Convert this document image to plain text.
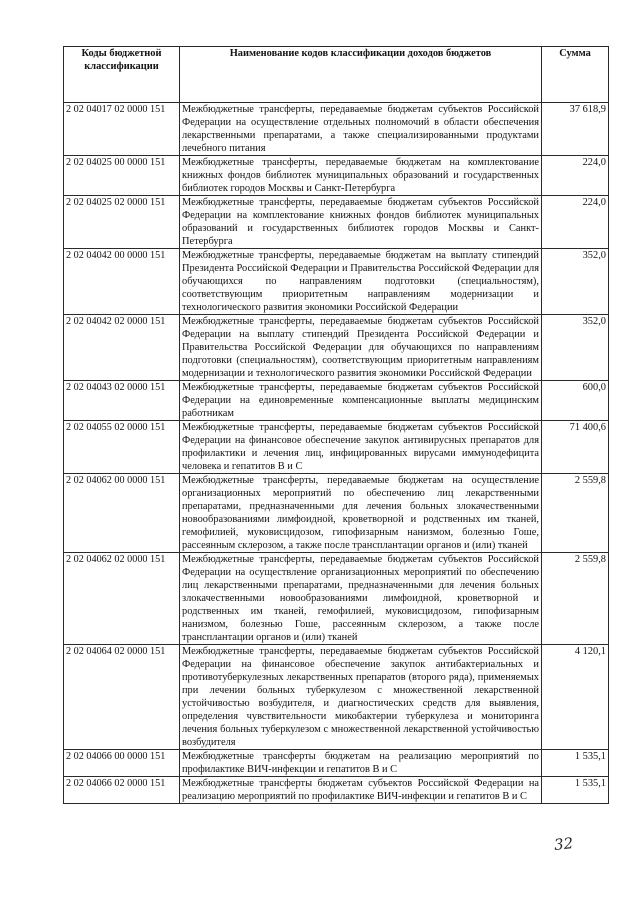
Коды бюджетной классификации	Наименование кодов классификации доходов бюджетов	Сумма
2 02 04017 02 0000 151	Межбюджетные трансферты, передаваемые бюджетам субъектов Российской Федерации на осуществление отдельных полномочий в области обеспечения лекарственными препаратами, а также специализированными продуктами лечебного питания	37 618,9
2 02 04025 00 0000 151	Межбюджетные трансферты, передаваемые бюджетам на комплектование книжных фондов библиотек муниципальных образований и государственных библиотек городов Москвы и Санкт-Петербурга	224,0
2 02 04025 02 0000 151	Межбюджетные трансферты, передаваемые бюджетам субъектов Российской Федерации на комплектование книжных фондов библиотек муниципальных образований и государственных библиотек городов Москвы и Санкт-Петербурга	224,0
2 02 04042 00 0000 151	Межбюджетные трансферты, передаваемые бюджетам на выплату стипендий Президента Российской Федерации и Правительства Российской Федерации для обучающихся по направлениям подготовки (специальностям), соответствующим приоритетным направлениям модернизации и технологического развития экономики Российской Федерации	352,0
2 02 04042 02 0000 151	Межбюджетные трансферты, передаваемые бюджетам субъектов Российской Федерации на выплату стипендий Президента Российской Федерации и Правительства Российской Федерации для обучающихся по направлениям подготовки (специальностям), соответствующим приоритетным направлениям модернизации и технологического развития экономики Российской Федерации	352,0
2 02 04043 02 0000 151	Межбюджетные трансферты, передаваемые бюджетам субъектов Российской Федерации на единовременные компенсационные выплаты медицинским работникам	600,0
2 02 04055 02 0000 151	Межбюджетные трансферты, передаваемые бюджетам субъектов Российской Федерации на финансовое обеспечение закупок антивирусных препаратов для профилактики и лечения лиц, инфицированных вирусами иммунодефицита человека и гепатитов В и С	71 400,6
2 02 04062 00 0000 151	Межбюджетные трансферты, передаваемые бюджетам на осуществление организационных мероприятий по обеспечению лиц лекарственными препаратами, предназначенными для лечения больных злокачественными новообразованиями лимфоидной, кроветворной и родственных им тканей, гемофилией, муковисцидозом, гипофизарным нанизмом, болезнью Гоше, рассеянным склерозом, а также после трансплантации органов и (или) тканей	2 559,8
2 02 04062 02 0000 151	Межбюджетные трансферты, передаваемые бюджетам субъектов Российской Федерации на осуществление организационных мероприятий по обеспечению лиц лекарственными препаратами, предназначенными для лечения больных злокачественными новообразованиями лимфоидной, кроветворной и родственных им тканей, гемофилией, муковисцидозом, гипофизарным нанизмом, болезнью Гоше, рассеянным склерозом, а также после трансплантации органов и (или) тканей	2 559,8
2 02 04064 02 0000 151	Межбюджетные трансферты, передаваемые бюджетам субъектов Российской Федерации на финансовое обеспечение закупок антибактериальных и противотуберкулезных лекарственных препаратов (второго ряда), применяемых при лечении больных туберкулезом с множественной лекарственной устойчивостью возбудителя, и диагностических средств для выявления, определения чувствительности микобактерии туберкулеза и мониторинга лечения больных туберкулезом с множественной лекарственной устойчивостью возбудителя	4 120,1
2 02 04066 00 0000 151	Межбюджетные трансферты бюджетам на реализацию мероприятий по профилактике ВИЧ-инфекции и гепатитов В и С	1 535,1
2 02 04066 02 0000 151	Межбюджетные трансферты бюджетам субъектов Российской Федерации на реализацию мероприятий по профилактике ВИЧ-инфекции и гепатитов В и С	1 535,1
32
